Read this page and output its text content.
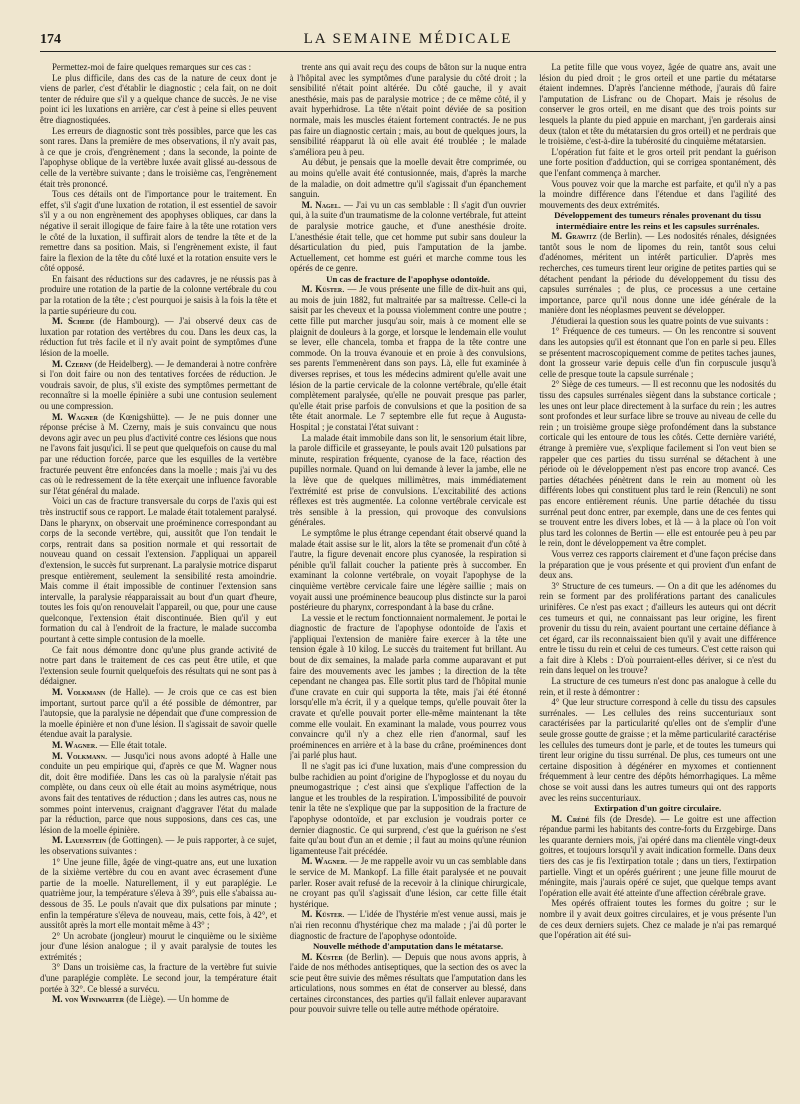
174	LA SEMAINE MÉDICALE

Permettez-moi de faire quelques remarques sur ces cas :

Le plus difficile, dans des cas de la nature de ceux dont je viens de parler, c'est d'établir le diagnostic ; cela fait, on ne doit tenter de réduire que s'il y a quelque chance de succès. Je ne vise point ici les luxations en arrière, car c'est à peine si elles peuvent être diagnostiquées.

Les erreurs de diagnostic sont très possibles, parce que les cas sont rares. Dans la première de mes observations, il n'y avait pas, à ce que je crois, d'engrènement ; dans la seconde, la pointe de l'apophyse oblique de la vertèbre luxée avait glissé au-dessous de celle de la vertèbre suivante ; dans le troisième cas, l'engrènement était très prononcé.

Tous ces détails ont de l'importance pour le traitement. En effet, s'il s'agit d'une luxation de rotation, il est essentiel de savoir s'il y a ou non engrènement des apophyses obliques, car dans la négative il serait illogique de faire faire à la tête une rotation vers le côté de la luxation, il suffirait alors de tendre la tête et de la remettre dans sa position. Mais, si l'engrènement existe, il faut faire la flexion de la tête du côté luxé et la rotation ensuite vers le côté opposé.

En faisant des réductions sur des cadavres, je ne réussis pas à produire une rotation de la partie de la colonne vertébrale du cou par la rotation de la tête ; c'est pourquoi je saisis à la fois la tête et la partie supérieure du cou.

M. Schede (de Hambourg). — J'ai observé deux cas de luxation par rotation des vertèbres du cou. Dans les deux cas, la réduction fut très facile et il n'y avait point de symptômes d'une lésion de la moelle.

M. Czerny (de Heidelberg). — Je demanderai à notre confrère si l'on doit faire ou non des tentatives forcées de réduction. Je voudrais savoir, de plus, s'il existe des symptômes permettant de reconnaître si la moelle épinière a subi une contusion seulement ou une compression.

M. Wagner (de Kœnigshütte). — Je ne puis donner une réponse précise à M. Czerny, mais je suis convaincu que nous devons agir avec un peu plus d'activité contre ces lésions que nous ne l'avons fait jusqu'ici. Il se peut que quelquefois on cause du mal par une réduction forcée, parce que les esquilles de la vertèbre fracturée peuvent être enfoncées dans la moelle ; mais j'ai vu des cas où le redressement de la tête exerçait une influence favorable sur l'état général du malade.

Voici un cas de fracture transversale du corps de l'axis qui est très instructif sous ce rapport. Le malade était totalement paralysé. Dans le pharynx, on observait une proéminence correspondant au corps de la seconde vertèbre, qui, aussitôt que l'on tendait le corps, rentrait dans sa position normale et qui ressortait de nouveau quand on cessait l'extension. J'appliquai un appareil d'extension, le succès fut surprenant. La paralysie motrice disparut presque entièrement, seulement la sensibilité resta amoindrie. Mais comme il était impossible de continuer l'extension sans intervalle, la paralysie réapparaissait au bout d'un quart d'heure, toutes les fois qu'on renouvelait l'appareil, ou que, pour une cause quelconque, l'extension était discontinuée. Bien qu'il y eut formation du cal à l'endroit de la fracture, le malade succomba pourtant à cette simple contusion de la moelle.

Ce fait nous démontre donc qu'une plus grande activité de notre part dans le traitement de ces cas peut être utile, et que l'extension seule fournit quelquefois des résultats qui ne sont pas à dédaigner.

M. Volkmann (de Halle). — Je crois que ce cas est bien important, surtout parce qu'il a été possible de démontrer, par l'autopsie, que la paralysie ne dépendait que d'une compression de la moelle épinière et non d'une lésion. Il s'agissait de savoir quelle étendue avait la paralysie.

M. Wagner. — Elle était totale.

M. Volkmann. — Jusqu'ici nous avons adopté à Halle une conduite un peu empirique qui, d'après ce que M. Wagner nous dit, doit être modifiée. Dans les cas où la paralysie n'était pas complète, ou dans ceux où elle était au moins asymétrique, nous avons fait des tentatives de réduction ; dans les autres cas, nous ne sommes point intervenus, craignant d'aggraver l'état du malade par la réduction, parce que nous supposions, dans ces cas, une lésion de la moelle épinière.

M. Lauenstein (de Gottingen). — Je puis rapporter, à ce sujet, les observations suivantes :

1° Une jeune fille, âgée de vingt-quatre ans, eut une luxation de la sixième vertèbre du cou en avant avec écrasement d'une partie de la moelle. Naturellement, il y eut paraplégie. Le quatrième jour, la température s'éleva à 39°, puis elle s'abaissa au-dessous de 35. Le pouls n'avait que dix pulsations par minute ; enfin la température s'éleva de nouveau, mais, cette fois, à 42°, et aussitôt après la mort elle montait même à 43° ;

2° Un acrobate (jongleur) mourut le cinquième ou le sixième jour d'une lésion analogue ; il y avait paralysie de toutes les extrémités ;

3° Dans un troisième cas, la fracture de la vertèbre fut suivie d'une paraplégie complète. Le second jour, la température était portée à 32°. Ce blessé a survécu.

M. von Winiwarter (de Liège). — Un homme de

trente ans qui avait reçu des coups de bâton sur la nuque entra à l'hôpital avec les symptômes d'une paralysie du côté droit ; la sensibilité n'était point altérée. Du côté gauche, il y avait anesthésie, mais pas de paralysie motrice ; de ce même côté, il y avait hyperhidrose. La tête n'était point déviée de sa position normale, mais les muscles étaient fortement contractés. Je ne pus pas faire un diagnostic certain ; mais, au bout de quelques jours, la sensibilité réapparut là où elle avait été troublée ; le malade s'améliora peu à peu.

Au début, je pensais que la moelle devait être comprimée, ou au moins qu'elle avait été contusionnée, mais, d'après la marche de la maladie, on doit admettre qu'il s'agissait d'un épanchement sanguin.

M. Nagel. — J'ai vu un cas semblable : Il s'agit d'un ouvrier qui, à la suite d'un traumatisme de la colonne vertébrale, fut atteint de paralysie motrice gauche, et d'une anesthésie droite. L'anesthésie était telle, que cet homme put subir sans douleur la désarticulation du pied, puis l'amputation de la jambe. Actuellement, cet homme est guéri et marche comme tous les opérés de ce genre.

Un cas de fracture de l'apophyse odontoïde.

M. Küster. — Je vous présente une fille de dix-huit ans qui, au mois de juin 1882, fut maltraitée par sa maîtresse. Celle-ci la saisit par les cheveux et la poussa violemment contre une poutre ; cette fille put marcher jusqu'au soir, mais à ce moment elle se plaignit de douleurs à la gorge, et lorsque le lendemain elle voulut se lever, elle chancela, tomba et frappa de la tête contre une commode. On la trouva évanouie et en proie à des convulsions, ses parents l'emmenèrent dans son pays. Là, elle fut examinée à diverses reprises, et tous les médecins admirent qu'elle avait une lésion de la partie cervicale de la colonne vertébrale, qu'elle était complètement paralysée, qu'elle ne pouvait presque pas parler, qu'elle était prise parfois de convulsions et que la position de sa tête était anormale. Le 7 septembre elle fut reçue à Augusta-Hospital ; je constatai l'état suivant :

La malade était immobile dans son lit, le sensorium était libre, la parole difficile et grasseyante, le pouls avait 120 pulsations par minute, respiration fréquente, cyanose de la face, réaction des pupilles normale. Quand on lui demande à lever la jambe, elle ne la lève que de quelques millimètres, mais immédiatement l'extrémité est prise de convulsions. L'excitabilité des actions réflexes est très augmentée. La colonne vertébrale cervicale est très sensible à la pression, qui provoque des convulsions générales.

Le symptôme le plus étrange cependant était observé quand la malade était assise sur le lit, alors la tête se promenait d'un côté à l'autre, la figure devenait encore plus cyanosée, la respiration si pénible qu'il fallait coucher la patiente près à succomber. En examinant la colonne vertébrale, on voyait l'apophyse de la cinquième vertèbre cervicale faire une légère saillie ; mais on voyait aussi une proéminence beaucoup plus distincte sur la paroi postérieure du pharynx, correspondant à la base du crâne.

La vessie et le rectum fonctionnaient normalement. Je portai le diagnostic de fracture de l'apophyse odontoïde de l'axis et j'appliquai l'extension de manière faire exercer à la tête une tension égale à 10 kilog. Le succès du traitement fut brillant. Au bout de dix semaines, la malade parla comme auparavant et put faire des mouvements avec les jambes ; la direction de la tête cependant ne changea pas. Elle sortit plus tard de l'hôpital munie d'une cravate en cuir qui supporta la tête, mais j'ai été étonné lorsqu'elle m'a écrit, il y a quelque temps, qu'elle pouvait ôter la cravate et qu'elle pouvait porter elle-même maintenant la tête comme elle voulait. En examinant la malade, vous pourrez vous convaincre qu'il n'y a chez elle rien d'anormal, sauf les proéminences en arrière et à la base du crâne, proéminences dont j'ai parlé plus haut.

Il ne s'agit pas ici d'une luxation, mais d'une compression du bulbe rachidien au point d'origine de l'hypoglosse et du noyau du pneumogastrique ; c'est ainsi que s'explique l'affection de la langue et les troubles de la respiration. L'impossibilité de pouvoir tenir la tête ne s'explique que par la supposition de la fracture de l'apophyse odontoïde, et par exclusion je voudrais porter ce dernier diagnostic. Ce qui surprend, c'est que la guérison ne s'est faite qu'au bout d'un an et demie ; il faut au moins qu'une réunion ligamenteuse l'ait précédée.

M. Wagner. — Je me rappelle avoir vu un cas semblable dans le service de M. Mankopf. La fille était paralysée et ne pouvait parler. Roser avait refusé de la recevoir à la clinique chirurgicale, ne croyant pas qu'il s'agissait d'une lésion, car cette fille était hystérique.

M. Küster. — L'idée de l'hystérie m'est venue aussi, mais je n'ai rien reconnu d'hystérique chez ma malade ; j'ai dû porter le diagnostic de fracture de l'apophyse odontoïde.

Nouvelle méthode d'amputation dans le métatarse.

M. Küster (de Berlin). — Depuis que nous avons appris, à l'aide de nos méthodes antiseptiques, que la section des os avec la scie peut être suivie des mêmes résultats que l'amputation dans les articulations, nous sommes en état de conserver au blessé, dans certaines circonstances, des parties qu'il fallait enlever auparavant pour pouvoir suivre telle ou telle autre méthode opératoire.

La petite fille que vous voyez, âgée de quatre ans, avait une lésion du pied droit ; le gros orteil et une partie du métatarse étaient indemnes. D'après l'ancienne méthode, j'aurais dû faire l'amputation de Lisfranc ou de Chopart. Mais je résolus de conserver le gros orteil, en me disant que des trois points sur lesquels la plante du pied appuie en marchant, j'en garderais ainsi deux (talon et tête du métatarsien du gros orteil) et ne perdrais que le troisième, c'est-à-dire la tubérosité du cinquième métatarsien.

L'opération fut faite et le gros orteil prit pendant la guérison une forte position d'adduction, qui se corrigea spontanément, dès que l'enfant commença à marcher.

Vous pouvez voir que la marche est parfaite, et qu'il n'y a pas la moindre différence dans l'étendue et dans l'agilité des mouvements des deux extrémités.

Développement des tumeurs rénales provenant du tissu intermédiaire entre les reins et les capsules surrénales.

M. Grawitz (de Berlin). — Les nodosités rénales, désignées tantôt sous le nom de lipomes du rein, tantôt sous celui d'adénomes, méritent un intérêt particulier. D'après mes recherches, ces tumeurs tirent leur origine de petites parties qui se détachent pendant la période du développement du tissu des capsules surrénales ; de plus, ce processus a une certaine importance, parce qu'il nous donne une idée générale de la manière dont les néoplasmes peuvent se développer.

J'étudierai la question sous les quatre points de vue suivants :

1° Fréquence de ces tumeurs. — On les rencontre si souvent dans les autopsies qu'il est étonnant que l'on en parle si peu. Elles se présentent macroscopiquement comme de petites taches jaunes, dont la grosseur varie depuis celle d'un fin corpuscule jusqu'à celle de presque toute la capsule surrénale ;

2° Siège de ces tumeurs. — Il est reconnu que les nodosités du tissu des capsules surrénales siègent dans la substance corticale ; les unes ont leur place directement à la surface du rein ; les autres sont profondes et leur surface libre se trouve au niveau de celle du rein ; un troisième groupe siège profondément dans la substance corticale qui les entoure de tous les côtés. Cette dernière variété, étrange à première vue, s'explique facilement si l'on veut bien se rappeler que ces parties du tissu surrénal se détachent à une période où le développement n'est pas encore trop avancé. Ces parties détachées pénètrent dans le rein au moment où les différents lobes qui constituent plus tard le rein (Renculi) ne sont pas encore entièrement réunis. Une partie détachée du tissu surrénal peut donc entrer, par exemple, dans une de ces fentes qui se trouvent entre les divers lobes, et là — à la place où l'on voit plus tard les colonnes de Bertin — elle est entourée peu à peu par le rein, dont le développement va être complet.

Vous verrez ces rapports clairement et d'une façon précise dans la préparation que je vous présente et qui provient d'un enfant de deux ans.

3° Structure de ces tumeurs. — On a dit que les adénomes du rein se forment par des proliférations partant des canalicules urinifères. Ce n'est pas exact ; d'ailleurs les auteurs qui ont décrit ces tumeurs et qui, ne connaissant pas leur origine, les firent provenir du tissu du rein, avaient pourtant une certaine défiance à cet égard, car ils reconnaissaient bien qu'il y avait une différence entre le tissu du rein et celui de ces tumeurs. C'est cette raison qui a fait dire à Klebs : D'où pourraient-elles dériver, si ce n'est du rein dans lequel on les trouve?

La structure de ces tumeurs n'est donc pas analogue à celle du rein, et il reste à démontrer :

4° Que leur structure correspond à celle du tissu des capsules surrénales. — Les cellules des reins succenturiaux sont caractérisées par la particularité qu'elles ont de s'emplir d'une seule grosse goutte de graisse ; et la même particularité caractérise les cellules des tumeurs dont je parle, et de toutes les tumeurs qui tirent leur origine du tissu surrénal. De plus, ces tumeurs ont une certaine disposition à dégénérer en myxomes et contiennent fréquemment à leur centre des dépôts hémorrhagiques. La même chose se voit aussi dans les autres tumeurs qui ont des rapports avec les reins succenturiaux.

Extirpation d'un goitre circulaire.

M. Crédé fils (de Dresde). — Le goitre est une affection répandue parmi les habitants des contre-forts du Erzgebirge. Dans les quarante derniers mois, j'ai opéré dans ma clientèle vingt-deux goitres, et toujours lorsqu'il y avait indication formelle. Dans deux tiers des cas je fis l'extirpation totale ; dans un tiers, l'extirpation partielle. Vingt et un opérés guérirent ; une jeune fille mourut de méningite, mais j'aurais opéré ce sujet, que quelque temps avant l'opération elle avait été atteinte d'une affection cérébrale grave.

Mes opérés offraient toutes les formes du goitre ; sur le nombre il y avait deux goitres circulaires, et je vous présente l'un de ces deux derniers sujets. Chez ce malade je n'ai pas remarqué que l'opération ait été sui-
